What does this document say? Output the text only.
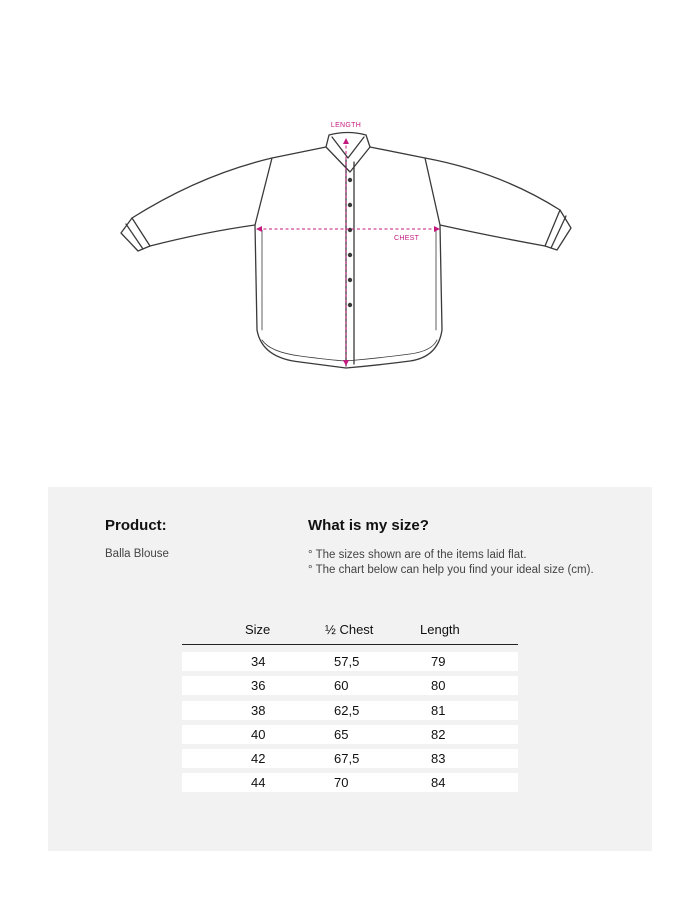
LENGTH
CHEST
Product:
Balla Blouse
What is my size?
° The sizes shown are of the items laid flat.
° The chart below can help you find your ideal size (cm).
Size	½ Chest	Length
34	57,5	79
36	60	80
38	62,5	81
40	65	82
42	67,5	83
44	70	84
